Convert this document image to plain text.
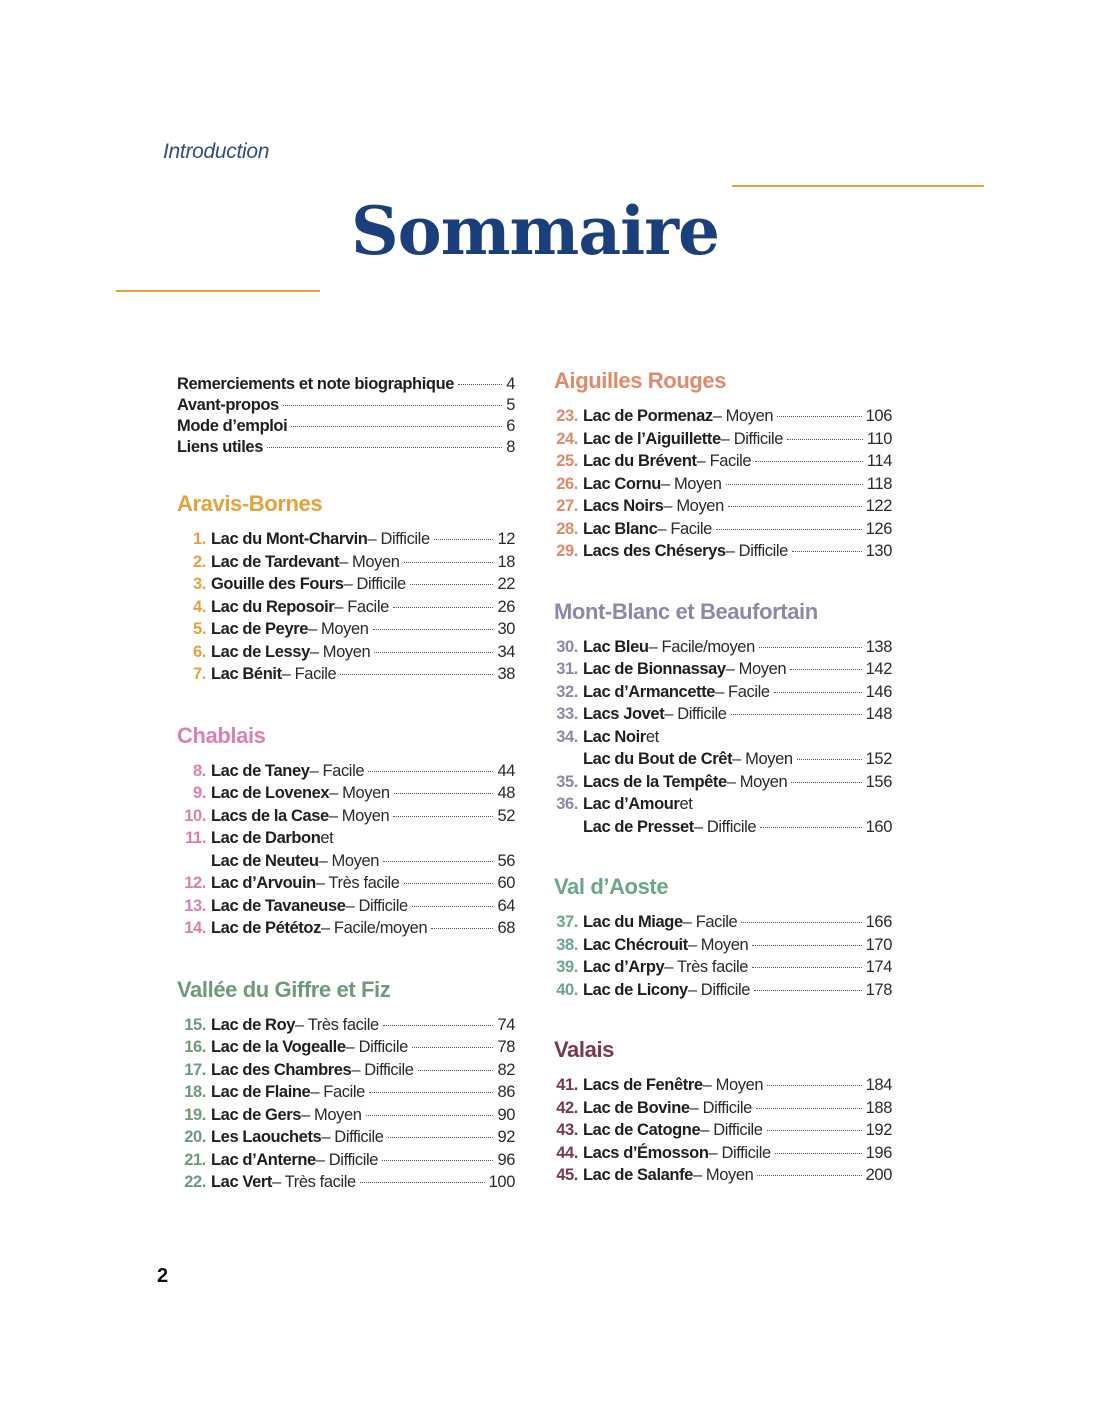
Introduction
Sommaire
Remerciements et note biographique	4
Avant-propos	5
Mode d’emploi	6
Liens utiles	8
Aravis-Bornes
1. Lac du Mont-Charvin – Difficile	12
2. Lac de Tardevant – Moyen	18
3. Gouille des Fours – Difficile	22
4. Lac du Reposoir – Facile	26
5. Lac de Peyre – Moyen	30
6. Lac de Lessy – Moyen	34
7. Lac Bénit – Facile	38
Chablais
8. Lac de Taney – Facile	44
9. Lac de Lovenex – Moyen	48
10. Lacs de la Case – Moyen	52
11. Lac de Darbon et
Lac de Neuteu – Moyen	56
12. Lac d’Arvouin – Très facile	60
13. Lac de Tavaneuse – Difficile	64
14. Lac de Pététoz – Facile/moyen	68
Vallée du Giffre et Fiz
15. Lac de Roy – Très facile	74
16. Lac de la Vogealle – Difficile	78
17. Lac des Chambres – Difficile	82
18. Lac de Flaine – Facile	86
19. Lac de Gers – Moyen	90
20. Les Laouchets – Difficile	92
21. Lac d’Anterne – Difficile	96
22. Lac Vert – Très facile	100
Aiguilles Rouges
23. Lac de Pormenaz – Moyen	106
24. Lac de l’Aiguillette – Difficile	110
25. Lac du Brévent – Facile	114
26. Lac Cornu – Moyen	118
27. Lacs Noirs – Moyen	122
28. Lac Blanc – Facile	126
29. Lacs des Chéserys – Difficile	130
Mont-Blanc et Beaufortain
30. Lac Bleu – Facile/moyen	138
31. Lac de Bionnassay – Moyen	142
32. Lac d’Armancette – Facile	146
33. Lacs Jovet – Difficile	148
34. Lac Noir et
Lac du Bout de Crêt – Moyen	152
35. Lacs de la Tempête – Moyen	156
36. Lac d’Amour et
Lac de Presset – Difficile	160
Val d’Aoste
37. Lac du Miage – Facile	166
38. Lac Chécrouit – Moyen	170
39. Lac d’Arpy – Très facile	174
40. Lac de Licony – Difficile	178
Valais
41. Lacs de Fenêtre – Moyen	184
42. Lac de Bovine – Difficile	188
43. Lac de Catogne – Difficile	192
44. Lacs d’Émosson – Difficile	196
45. Lac de Salanfe – Moyen	200
2
